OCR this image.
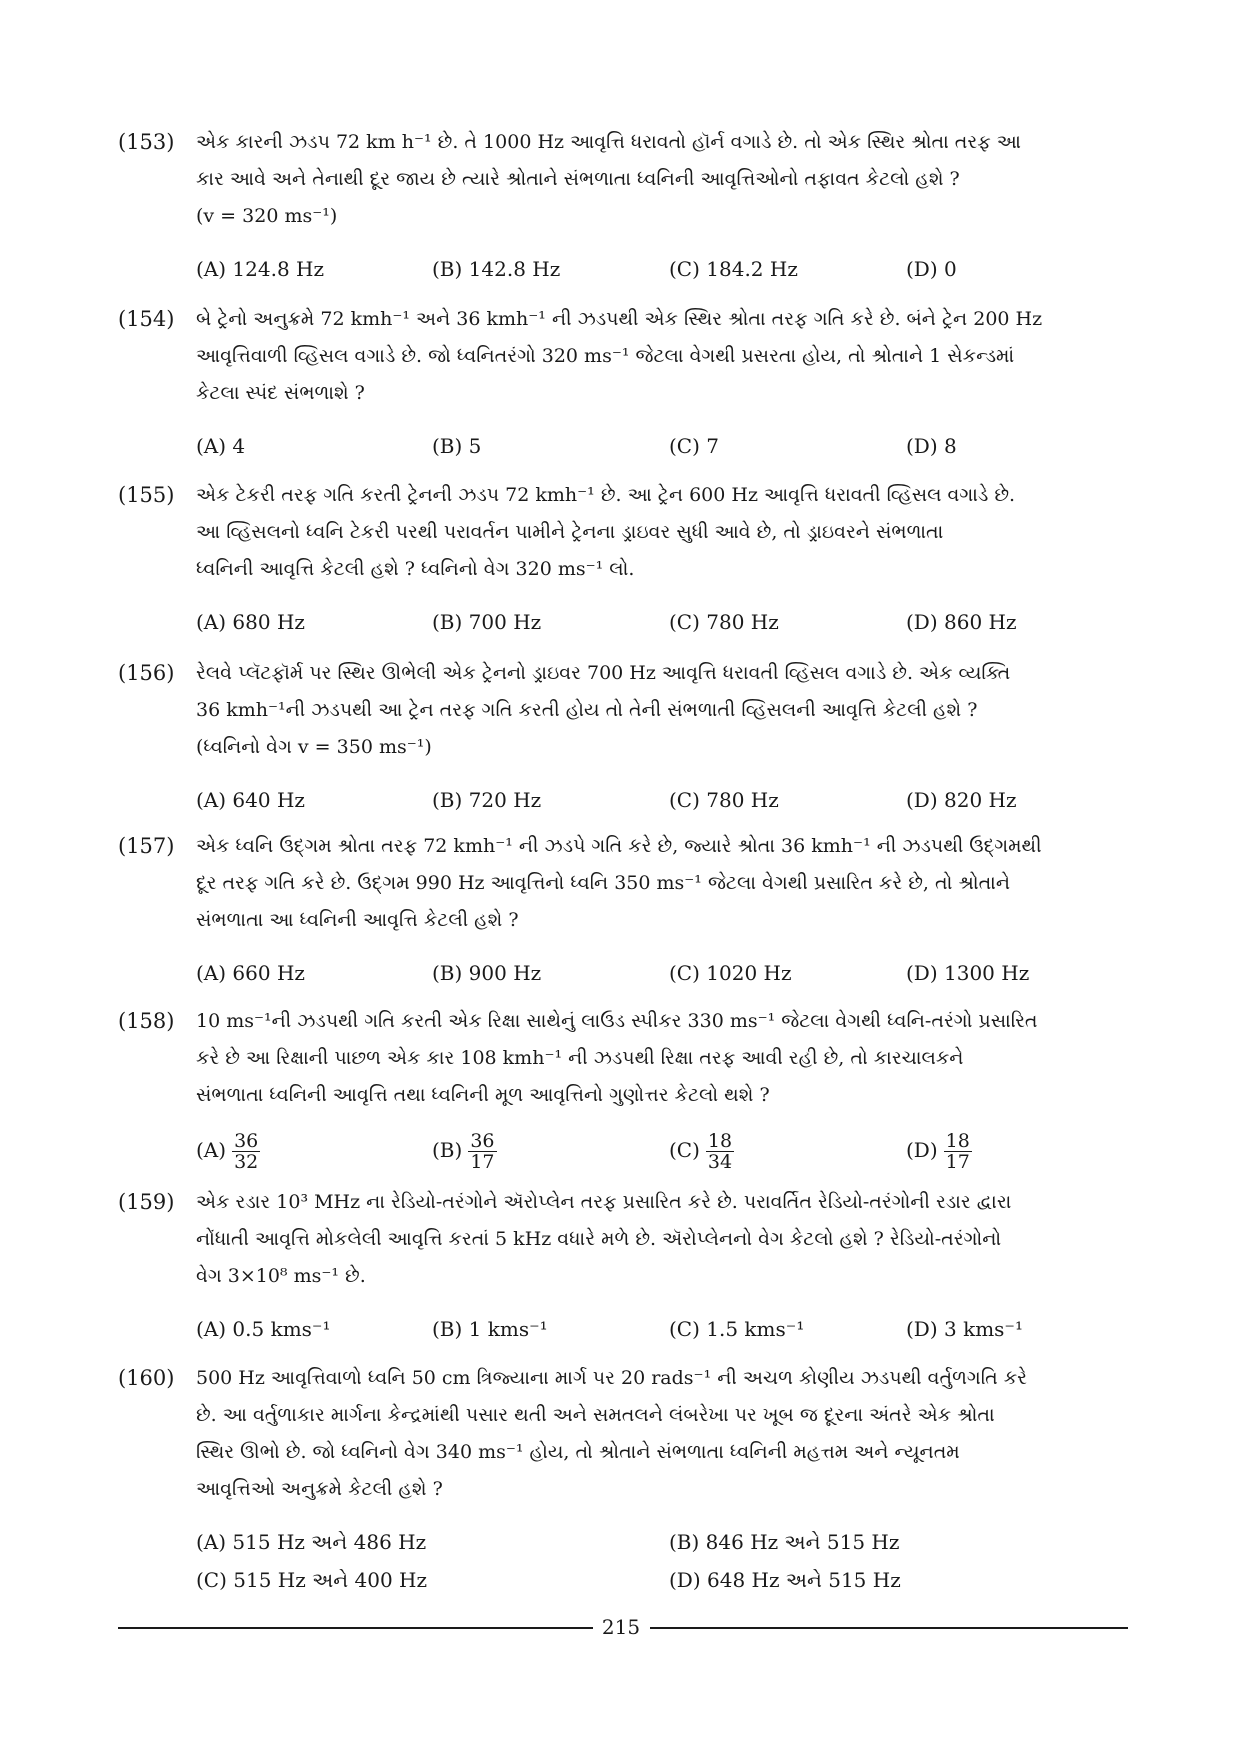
(153) એક કારની ઝડપ 72 km h⁻¹ છે. તે 1000 Hz આવૃત્તિ ધરાવતો હૉર્ન વગાડે છે. તો એક સ્થિર શ્રોતા તરફ આ
કાર આવે અને તેનાથી દૂર જાય છે ત્યારે શ્રોતાને સંભળાતા ધ્વનિની આવૃત્તિઓનો તફાવત કેટલો હશે ?
(v = 320 ms⁻¹)
(A) 124.8 Hz	(B) 142.8 Hz	(C) 184.2 Hz	(D) 0
(154) બે ટ્રેનો અનુક્રમે 72 kmh⁻¹ અને 36 kmh⁻¹ ની ઝડપથી એક સ્થિર શ્રોતા તરફ ગતિ કરે છે. બંને ટ્રેન 200 Hz
આવૃત્તિવાળી વ્હિસલ વગાડે છે. જો ધ્વનિતરંગો 320 ms⁻¹ જેટલા વેગથી પ્રસરતા હોય, તો શ્રોતાને 1 સેકન્ડમાં
કેટલા સ્પંદ સંભળાશે ?
(A) 4	(B) 5	(C) 7	(D) 8
(155) એક ટેકરી તરફ ગતિ કરતી ટ્રેનની ઝડપ 72 kmh⁻¹ છે. આ ટ્રેન 600 Hz આવૃત્તિ ધરાવતી વ્હિસલ વગાડે છે.
આ વ્હિસલનો ધ્વનિ ટેકરી પરથી પરાવર્તન પામીને ટ્રેનના ડ્રાઇવર સુધી આવે છે, તો ડ્રાઇવરને સંભળાતા
ધ્વનિની આવૃત્તિ કેટલી હશે ? ધ્વનિનો વેગ 320 ms⁻¹ લો.
(A) 680 Hz	(B) 700 Hz	(C) 780 Hz	(D) 860 Hz
(156) રેલવે પ્લૅટફૉર્મ પર સ્થિર ઊભેલી એક ટ્રેનનો ડ્રાઇવર 700 Hz આવૃત્તિ ધરાવતી વ્હિસલ વગાડે છે. એક વ્યક્તિ
36 kmh⁻¹ની ઝડપથી આ ટ્રેન તરફ ગતિ કરતી હોય તો તેની સંભળાતી વ્હિસલની આવૃત્તિ કેટલી હશે ?
(ધ્વનિનો વેગ v = 350 ms⁻¹)
(A) 640 Hz	(B) 720 Hz	(C) 780 Hz	(D) 820 Hz
(157) એક ધ્વનિ ઉદ્‌ગમ શ્રોતા તરફ 72 kmh⁻¹ ની ઝડપે ગતિ કરે છે, જ્યારે શ્રોતા 36 kmh⁻¹ ની ઝડપથી ઉદ્‌ગમથી
દૂર તરફ ગતિ કરે છે. ઉદ્‌ગમ 990 Hz આવૃત્તિનો ધ્વનિ 350 ms⁻¹ જેટલા વેગથી પ્રસારિત કરે છે, તો શ્રોતાને
સંભળાતા આ ધ્વનિની આવૃત્તિ કેટલી હશે ?
(A) 660 Hz	(B) 900 Hz	(C) 1020 Hz	(D) 1300 Hz
(158) 10 ms⁻¹ની ઝડપથી ગતિ કરતી એક રિક્ષા સાથેનું લાઉડ સ્પીકર 330 ms⁻¹ જેટલા વેગથી ધ્વનિ-તરંગો પ્રસારિત
કરે છે આ રિક્ષાની પાછળ એક કાર 108 kmh⁻¹ ની ઝડપથી રિક્ષા તરફ આવી રહી છે, તો કારચાલકને
સંભળાતા ધ્વનિની આવૃત્તિ તથા ધ્વનિની મૂળ આવૃત્તિનો ગુણોત્તર કેટલો થશે ?
$(A) \frac{36}{32}$	$(B) \frac{36}{17}$	$(C) \frac{18}{34}$	$(D) \frac{18}{17}$
(159) એક રડાર 10³ MHz ના રેડિયો-તરંગોને ઍરોપ્લેન તરફ પ્રસારિત કરે છે. પરાવર્તિત રેડિયો-તરંગોની રડાર દ્વારા
નોંધાતી આવૃત્તિ મોકલેલી આવૃત્તિ કરતાં 5 kHz વધારે મળે છે. ઍરોપ્લેનનો વેગ કેટલો હશે ? રેડિયો-તરંગોનો
વેગ 3×10⁸ ms⁻¹ છે.
(A) 0.5 kms⁻¹	(B) 1 kms⁻¹	(C) 1.5 kms⁻¹	(D) 3 kms⁻¹
(160) 500 Hz આવૃત્તિવાળો ધ્વનિ 50 cm ત્રિજ્યાના માર્ગ પર 20 rads⁻¹ ની અચળ કોણીય ઝડપથી વર્તુળગતિ કરે
છે. આ વર્તુળાકાર માર્ગના કેન્દ્રમાંથી પસાર થતી અને સમતલને લંબરેખા પર ખૂબ જ દૂરના અંતરે એક શ્રોતા
સ્થિર ઊભો છે. જો ધ્વનિનો વેગ 340 ms⁻¹ હોય, તો શ્રોતાને સંભળાતા ધ્વનિની મહત્તમ અને ન્યૂનતમ
આવૃત્તિઓ અનુક્રમે કેટલી હશે ?
(A) 515 Hz અને 486 Hz	(B) 846 Hz અને 515 Hz
(C) 515 Hz અને 400 Hz	(D) 648 Hz અને 515 Hz
215
